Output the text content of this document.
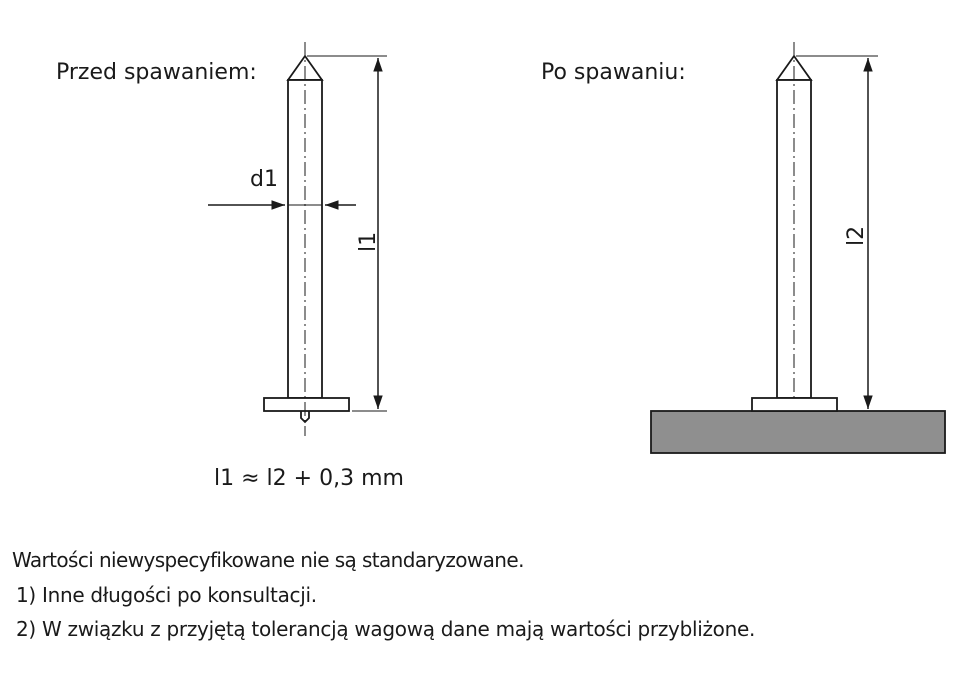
Przed spawaniem:
d1
l1
l1 ≈ l2 + 0,3 mm
Po spawaniu:
l2
Wartości niewyspecyfikowane nie są standaryzowane.
1) Inne długości po konsultacji.
2) W związku z przyjętą tolerancją wagową dane mają wartości przybliżone.
